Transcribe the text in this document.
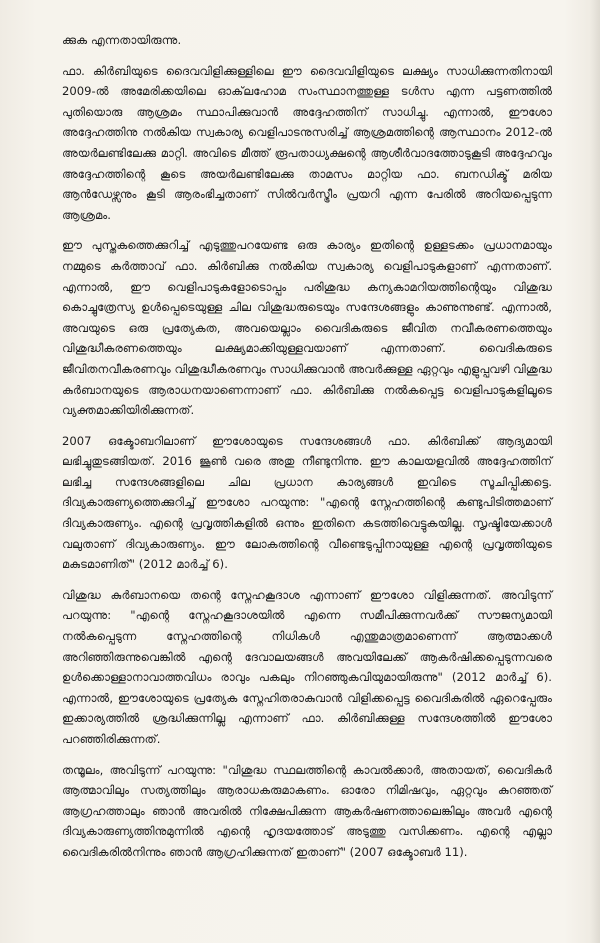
ക്കുക എന്നതായിരുന്നു.

ഫാ. കിർബിയുടെ ദൈവവിളിക്കുള്ളിലെ ഈ ദൈവവിളിയുടെ ലക്ഷ്യം സാധിക്കുന്നതിനായി 2009-ൽ അമേരിക്കയിലെ ഓക്‌ലഹോമ സംസ്ഥാനത്തുള്ള ടൾസ എന്ന പട്ടണത്തിൽ പുതിയൊരു ആശ്രമം സ്ഥാപിക്കുവാൻ അദ്ദേഹത്തിന് സാധിച്ചു. എന്നാൽ, ഈശോ അദ്ദേഹത്തിനു നൽകിയ സ്വകാര്യ വെളിപാടനുസരിച്ച് ആശ്രമത്തിന്റെ ആസ്ഥാനം 2012-ൽ അയർലണ്ടിലേക്കു മാറ്റി. അവിടെ മീത്ത് രൂപതാധ്യക്ഷന്റെ ആശീർവാദത്തോടുകൂടി അദ്ദേഹവും അദ്ദേഹത്തിന്റെ കൂടെ അയർലണ്ടിലേക്കു താമസം മാറ്റിയ ഫാ. ബനഡിക്ട് മരിയ ആൻഡേഴ്സനും കൂടി ആരംഭിച്ചതാണ് സിൽവർസ്ട്രീം പ്രയറി എന്ന പേരിൽ അറിയപ്പെടുന്ന ആശ്രമം.

ഈ പുസ്തകത്തെക്കുറിച്ച് എടുത്തുപറയേണ്ട ഒരു കാര്യം ഇതിന്റെ ഉള്ളടക്കം പ്രധാനമായും നമ്മുടെ കർത്താവ് ഫാ. കിർബിക്കു നൽകിയ സ്വകാര്യ വെളിപാടുകളാണ് എന്നതാണ്. എന്നാൽ, ഈ വെളിപാടുകളോടൊപ്പം പരിശുദ്ധ കന്യകാമറിയത്തിന്റെയും വിശുദ്ധ കൊച്ചുത്രേസ്യ ഉൾപ്പെടെയുള്ള ചില വിശുദ്ധരുടെയും സന്ദേശങ്ങളും കാണുന്നുണ്ട്. എന്നാൽ, അവയുടെ ഒരു പ്രത്യേകത, അവയെല്ലാം വൈദികരുടെ ജീവിത നവീകരണത്തെയും വിശുദ്ധീകരണത്തെയും ലക്ഷ്യമാക്കിയുള്ളവയാണ് എന്നതാണ്. വൈദികരുടെ ജീവിതനവീകരണവും വിശുദ്ധീകരണവും സാധിക്കുവാൻ അവർക്കുള്ള ഏറ്റവും എളുപ്പവഴി വിശുദ്ധ കുർബാനയുടെ ആരാധനയാണെന്നാണ് ഫാ. കിർബിക്കു നൽകപ്പെട്ട വെളിപാടുകളിലൂടെ വ്യക്തമാക്കിയിരിക്കുന്നത്.

2007 ഒക്ടോബറിലാണ് ഈശോയുടെ സന്ദേശങ്ങൾ ഫാ. കിർബിക്ക് ആദ്യമായി ലഭിച്ചുതുടങ്ങിയത്. 2016 ജൂൺ വരെ അതു നീണ്ടുനിന്നു. ഈ കാലയളവിൽ അദ്ദേഹത്തിന് ലഭിച്ച സന്ദേശങ്ങളിലെ ചില പ്രധാന കാര്യങ്ങൾ ഇവിടെ സൂചിപ്പിക്കട്ടെ. ദിവ്യകാരുണ്യത്തെക്കുറിച്ച് ഈശോ പറയുന്നു: "എന്റെ സ്നേഹത്തിന്റെ കണ്ടുപിടിത്തമാണ് ദിവ്യകാരുണ്യം. എന്റെ പ്രവൃത്തികളിൽ ഒന്നും ഇതിനെ കടത്തിവെട്ടുകയില്ല. സൃഷ്ടിയേക്കാൾ വലുതാണ് ദിവ്യകാരുണ്യം. ഈ ലോകത്തിന്റെ വീണ്ടെടുപ്പിനായുള്ള എന്റെ പ്രവൃത്തിയുടെ മകുടമാണിത്" (2012 മാർച്ച് 6).

വിശുദ്ധ കുർബാനയെ തന്റെ സ്നേഹകൂദാശ എന്നാണ് ഈശോ വിളിക്കുന്നത്. അവിടുന്ന് പറയുന്നു: "എന്റെ സ്നേഹകൂദാശയിൽ എന്നെ സമീപിക്കുന്നവർക്ക് സൗജന്യമായി നൽകപ്പെടുന്ന സ്നേഹത്തിന്റെ നിധികൾ എന്തുമാത്രമാണെന്ന് ആത്മാക്കൾ അറിഞ്ഞിരുന്നുവെങ്കിൽ എന്റെ ദേവാലയങ്ങൾ അവയിലേക്ക് ആകർഷിക്കപ്പെടുന്നവരെ ഉൾക്കൊള്ളാനാവാത്തവിധം രാവും പകലും നിറഞ്ഞുകവിയുമായിരുന്നു" (2012 മാർച്ച് 6). എന്നാൽ, ഈശോയുടെ പ്രത്യേക സ്നേഹിതരാകുവാൻ വിളിക്കപ്പെട്ട വൈദികരിൽ ഏറെപ്പേരും ഇക്കാര്യത്തിൽ ശ്രദ്ധിക്കുന്നില്ല എന്നാണ് ഫാ. കിർബിക്കുള്ള സന്ദേശത്തിൽ ഈശോ പറഞ്ഞിരിക്കുന്നത്.

തന്മൂലം, അവിടുന്ന് പറയുന്നു: "വിശുദ്ധ സ്ഥലത്തിന്റെ കാവൽക്കാർ, അതായത്, വൈദികർ ആത്മാവിലും സത്യത്തിലും ആരാധകരുമാകണം. ഓരോ നിമിഷവും, ഏറ്റവും കുറഞ്ഞത് ആഗ്രഹത്താലും ഞാൻ അവരിൽ നിക്ഷേപിക്കുന്ന ആകർഷണത്താലെങ്കിലും അവർ എന്റെ ദിവ്യകാരുണ്യത്തിനുമുന്നിൽ എന്റെ ഹൃദയത്തോട് അടുത്തു വസിക്കണം. എന്റെ എല്ലാ വൈദികരിൽനിന്നും ഞാൻ ആഗ്രഹിക്കുന്നത് ഇതാണ്" (2007 ഒക്ടോബർ 11).
